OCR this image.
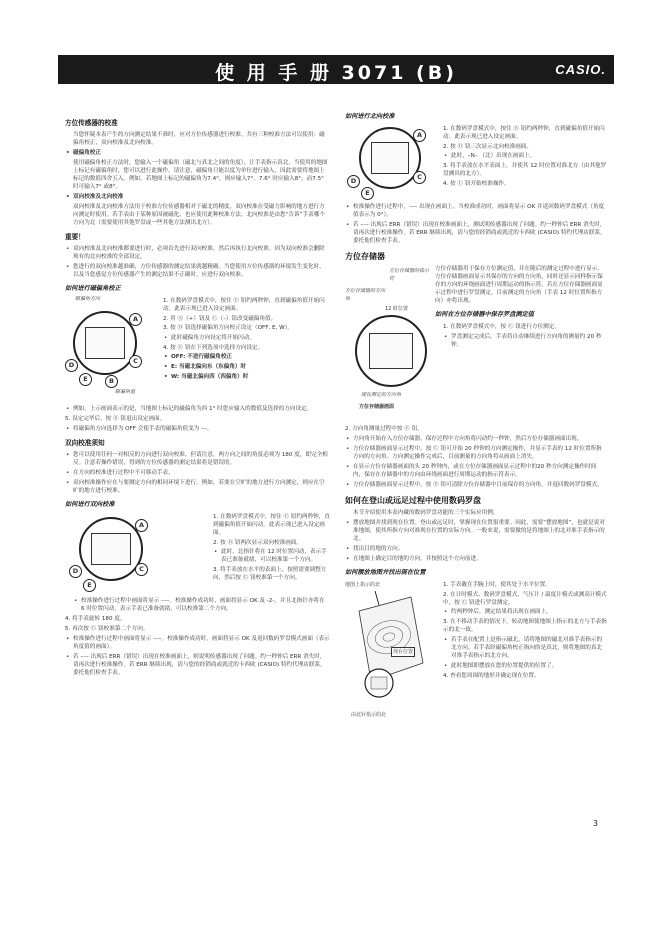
使 用 手 册 3071 (B)	CASIO.
方位传感器的校准
当您怀疑本表产生的方向测定结果不准时，应对方位传感器进行校准。共有三种校准方法可以使用：磁偏角校正，双向校准及北向校准。
• 磁偏角校正
使用磁偏角校正方法时，您输入一个磁偏角（磁北与真北之间的角度），让手表指示真北。当使用的地图上标记有磁偏角时，您可以进行此操作。请注意，磁偏角只能以度为单位进行输入，因此需要将地图上标记的数值四舍五入。例如，若地图上标记的磁偏角为7.4°，则应输入7°。7.6° 时应输入8°，而7.5° 时可输入7° 或8°。
• 双向校准及北向校准
双向校准及北向校准方法用于校准方位传感器相对于磁北的精度。双向校准在受磁力影响的地方进行方向测定时使用。若手表由于某种原因被磁化，也应使用此种校准方法。北向校准是由您“告诉”手表哪个方向为北（需要使用其他罗盘或一些其他方法测出北方）。
重要！
• 双向校准及北向校准都要进行时，必须首先进行双向校准，然后再执行北向校准。因为双向校准会删除现有的北向校准的全部设定。
• 您进行的双向校准越准确，方位传感器的测定结果就越精确。当您使用方位传感器的环境发生变化时，以及当您感觉方位传感器产生的测定结果不正确时，应进行双向校准。
如何进行磁偏角校正
磁偏角方向
A
C
D
E	B
磁偏角值
1. 在数码罗盘模式中，按住 Ⓔ 钮约两秒钟，直到磁偏角值开始闪动。此表示现已进入设定画面。
2. 用 Ⓐ（+）钮及 Ⓒ（–）钮改变磁偏角值。
3. 按 Ⓓ 钮选择磁偏角方向校正设定（OFF, E, W）。
• 此时磁偏角方向设定将开始闪动。
4. 按 Ⓔ 钮在下列选项中选择方向设定。
• OFF: 不进行磁偏角校正
• E: 当磁北偏向东（东偏角）时
• W: 当磁北偏向西（西偏角）时
• 例如，上示画面表示的是，当地图上标记的磁偏角为西 1° 时您应输入的数值及选择的方向设定。
5. 设定完毕后，按 Ⓔ 钮退出设定画面。
• 将磁偏角方向选择为 OFF 会使手表的磁偏角值变为 ––。
双向校准须知
• 您可以使用任何一对相反的方向进行双向校准。但请注意，两方向之间的角度必须为 180 度，即完全相反。注意若操作错误，得到的方位传感器的测定结果将是错误的。
• 在方向的校准进行过程中不可移动手表。
• 双向校准操作应在与要测定方向的相同环境下进行。例如，若要在空旷的地方进行方向测定，则应在空旷的地方进行校准。
如何进行双向校准
A
C
D
E
1. 在数码罗盘模式中，按住 Ⓔ 钮约两秒钟，直到磁偏角值开始闪动。此表示现已进入设定画面。
2. 按 Ⓓ 钮两次显示双向校准画面。
• 此时，北指针将在 12 时位置闪动，表示手表已准备就绪，可以校准第一个方向。
3. 将手表放在水平的表面上，按照需要调整方向，然后按 Ⓒ 钮校准第一个方向。
• 校准操作进行过程中画面将显示 –––。校准操作成功时，画面将显示 OK 及 -2-，并且北指针亦将在 6 时位置闪动，表示手表已准备就绪，可以校准第二个方向。
4. 将手表旋转 180 度。
5. 再次按 Ⓒ 钮校准第二个方向。
• 校准操作进行过程中画面将显示 –––。校准操作成功时，画面将显示 OK 及返回数码罗盘模式画面（表示角度值的画面）。
• 若 ––– 出现后 ERR（错误）出现在校准画面上，则说明传感器出现了问题。约一秒钟后 ERR 消失时，请再次进行校准操作。若 ERR 继续出现，请与您的经销商或就近的卡西欧 (CASIO) 特约代理店联系，委托他们检查手表。
如何进行北向校准
A
C
D
E
1. 在数码罗盘模式中，按住 Ⓔ 钮约两秒钟，直到磁偏角值开始闪动。此表示现已进入设定画面。
2. 按 Ⓓ 钮三次显示北向校准画面。
• 此时，–N– （北）出现在画面上。
3. 将手表放在水平表面上，并使其 12 时位置对准北方（由其他罗盘测出的北方）。
4. 按 Ⓒ 钮开始校准操作。
• 校准操作进行过程中，––– 出现在画面上。当校准成功时，画面将显示 OK 并返回数码罗盘模式（角度值表示为 0°）。
• 若 ––– 出现后 ERR（错误）出现在校准画面上，测试明传感器出现了问题。约一秒钟后 ERR 消失时，请再次进行校准操作。若 ERR 继续出现，请与您的经销商或就近的卡西欧 (CASIO) 特约代理店联系，委托他们检查手表。
方位存储器
方位存储器的指示符
方位存储器的方向角
12 时位置
现在测定的方向角
方位存储器画面
方位存储器用于保存方位测定值，并在随后的测定过程中进行显示。方位存储器画面显示其保存的方向的方向角，同时还显示同样指示保存的方向的环绕画面进行周期运动的指示符。若在方位存储器画面显示过程中进行罗盘测定，目前测定的方向角（手表 12 时位置所指方向）亦将出现。
如何在方位存储器中保存罗盘测定值
1. 在数码罗盘模式中，按 Ⓒ 钮进行方位测定。
• 罗盘测定完成后，手表将自动继续进行方向角的测量约 20 秒钟。
2. 方向角测量过程中按 Ⓔ 钮。
• 方向角开始存入方位存储器，保存过程中方向角将闪动约一秒钟，然后方位存储器画面出现。
• 方位存储器画面显示过程中，按 Ⓒ 钮可开始 20 秒钟的方向测定操作，并显示手表的 12 时位置所指方向的方向角。方向测定操作完成后，目前测量的方向角将从画面上消失。
• 在显示方位存储器画面的头 20 秒钟内，或在方位存储器画面显示过程中的20 秒方向测定操作时间内，保存在存储器中的方向由环绕画面进行周期运动的指示符表示。
• 方位存储器画面显示过程中，按 Ⓔ 钮可清除方位存储器中目前保存的方向角，并返回数码罗盘模式。
如何在登山或远足过程中使用数码罗盘
本节介绍使用本表内藏的数码罗盘功能的三个实际应用例。
• 摆放地图并找到现在位置。登山或远足时，掌握现在位置很重要。因此，需要“摆放地图”，也就是说对准地图，使其所指方向对准现在位置的实际方向。一般来说，需要做的是将地图上的北对准手表指示的北。
• 找出目的地的方向。
• 在地图上确定目的地的方向，并按照这个方向前进。
如何摆放地图并找出现在位置
地图上指示的北
现在位置
由北针指示的北
1. 手表戴在手腕上时，使其处于水平位置。
2. 在计时模式、数码罗盘模式、气压计 / 温度计模式或测高计模式中，按 Ⓒ 钮进行罗盘测定。
• 约两秒钟后，测定结果将出现在画面上。
3. 在不移动手表的情况下，转动地图使地图上指示的北方与手表指示的北一致。
• 若手表在配置上是指示磁北，请将地图的磁北对准手表指示的北方向。若手表经磁偏角校正指向的是真北，则将地图的真北对准手表指示的北方向。
• 此时地图即摆放在您的位置提供的位置了。
4. 查看您周围的地形并确定现在位置。
3
